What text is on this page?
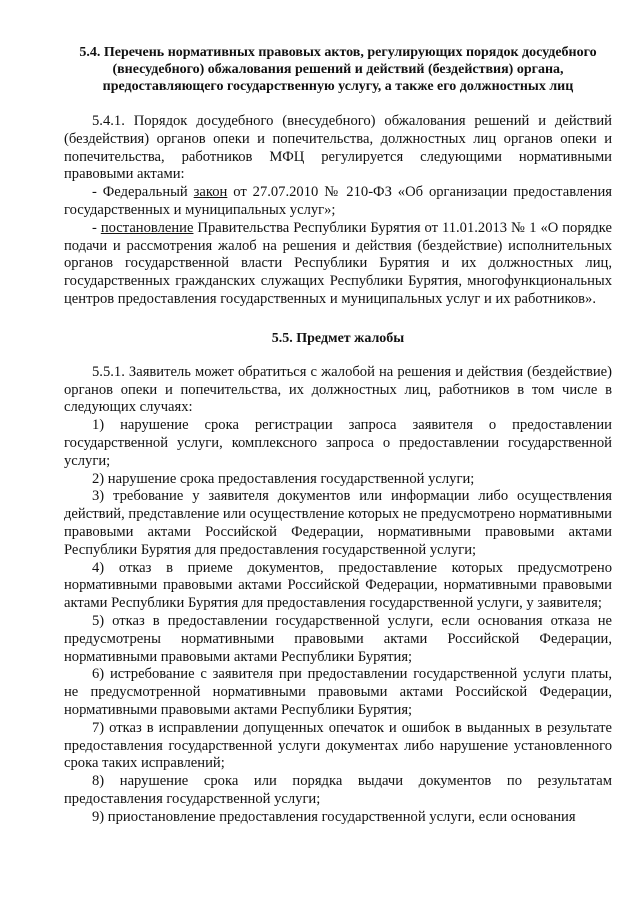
5.4. Перечень нормативных правовых актов, регулирующих порядок досудебного (внесудебного) обжалования решений и действий (бездействия) органа, предоставляющего государственную услугу, а также его должностных лиц

5.4.1. Порядок досудебного (внесудебного) обжалования решений и действий (бездействия) органов опеки и попечительства, должностных лиц органов опеки и попечительства, работников МФЦ регулируется следующими нормативными правовыми актами:

- Федеральный закон от 27.07.2010 № 210-ФЗ «Об организации предоставления государственных и муниципальных услуг»;

- постановление Правительства Республики Бурятия от 11.01.2013 № 1 «О порядке подачи и рассмотрения жалоб на решения и действия (бездействие) исполнительных органов государственной власти Республики Бурятия и их должностных лиц, государственных гражданских служащих Республики Бурятия, многофункциональных центров предоставления государственных и муниципальных услуг и их работников».

5.5. Предмет жалобы

5.5.1. Заявитель может обратиться с жалобой на решения и действия (бездействие) органов опеки и попечительства, их должностных лиц, работников в том числе в следующих случаях:

1) нарушение срока регистрации запроса заявителя о предоставлении государственной услуги, комплексного запроса о предоставлении государственной услуги;

2) нарушение срока предоставления государственной услуги;

3) требование у заявителя документов или информации либо осуществления действий, представление или осуществление которых не предусмотрено нормативными правовыми актами Российской Федерации, нормативными правовыми актами Республики Бурятия для предоставления государственной услуги;

4) отказ в приеме документов, предоставление которых предусмотрено нормативными правовыми актами Российской Федерации, нормативными правовыми актами Республики Бурятия для предоставления государственной услуги, у заявителя;

5) отказ в предоставлении государственной услуги, если основания отказа не предусмотрены нормативными правовыми актами Российской Федерации, нормативными правовыми актами Республики Бурятия;

6) истребование с заявителя при предоставлении государственной услуги платы, не предусмотренной нормативными правовыми актами Российской Федерации, нормативными правовыми актами Республики Бурятия;

7) отказ в исправлении допущенных опечаток и ошибок в выданных в результате предоставления государственной услуги документах либо нарушение установленного срока таких исправлений;

8) нарушение срока или порядка выдачи документов по результатам предоставления государственной услуги;

9) приостановление предоставления государственной услуги, если основания
